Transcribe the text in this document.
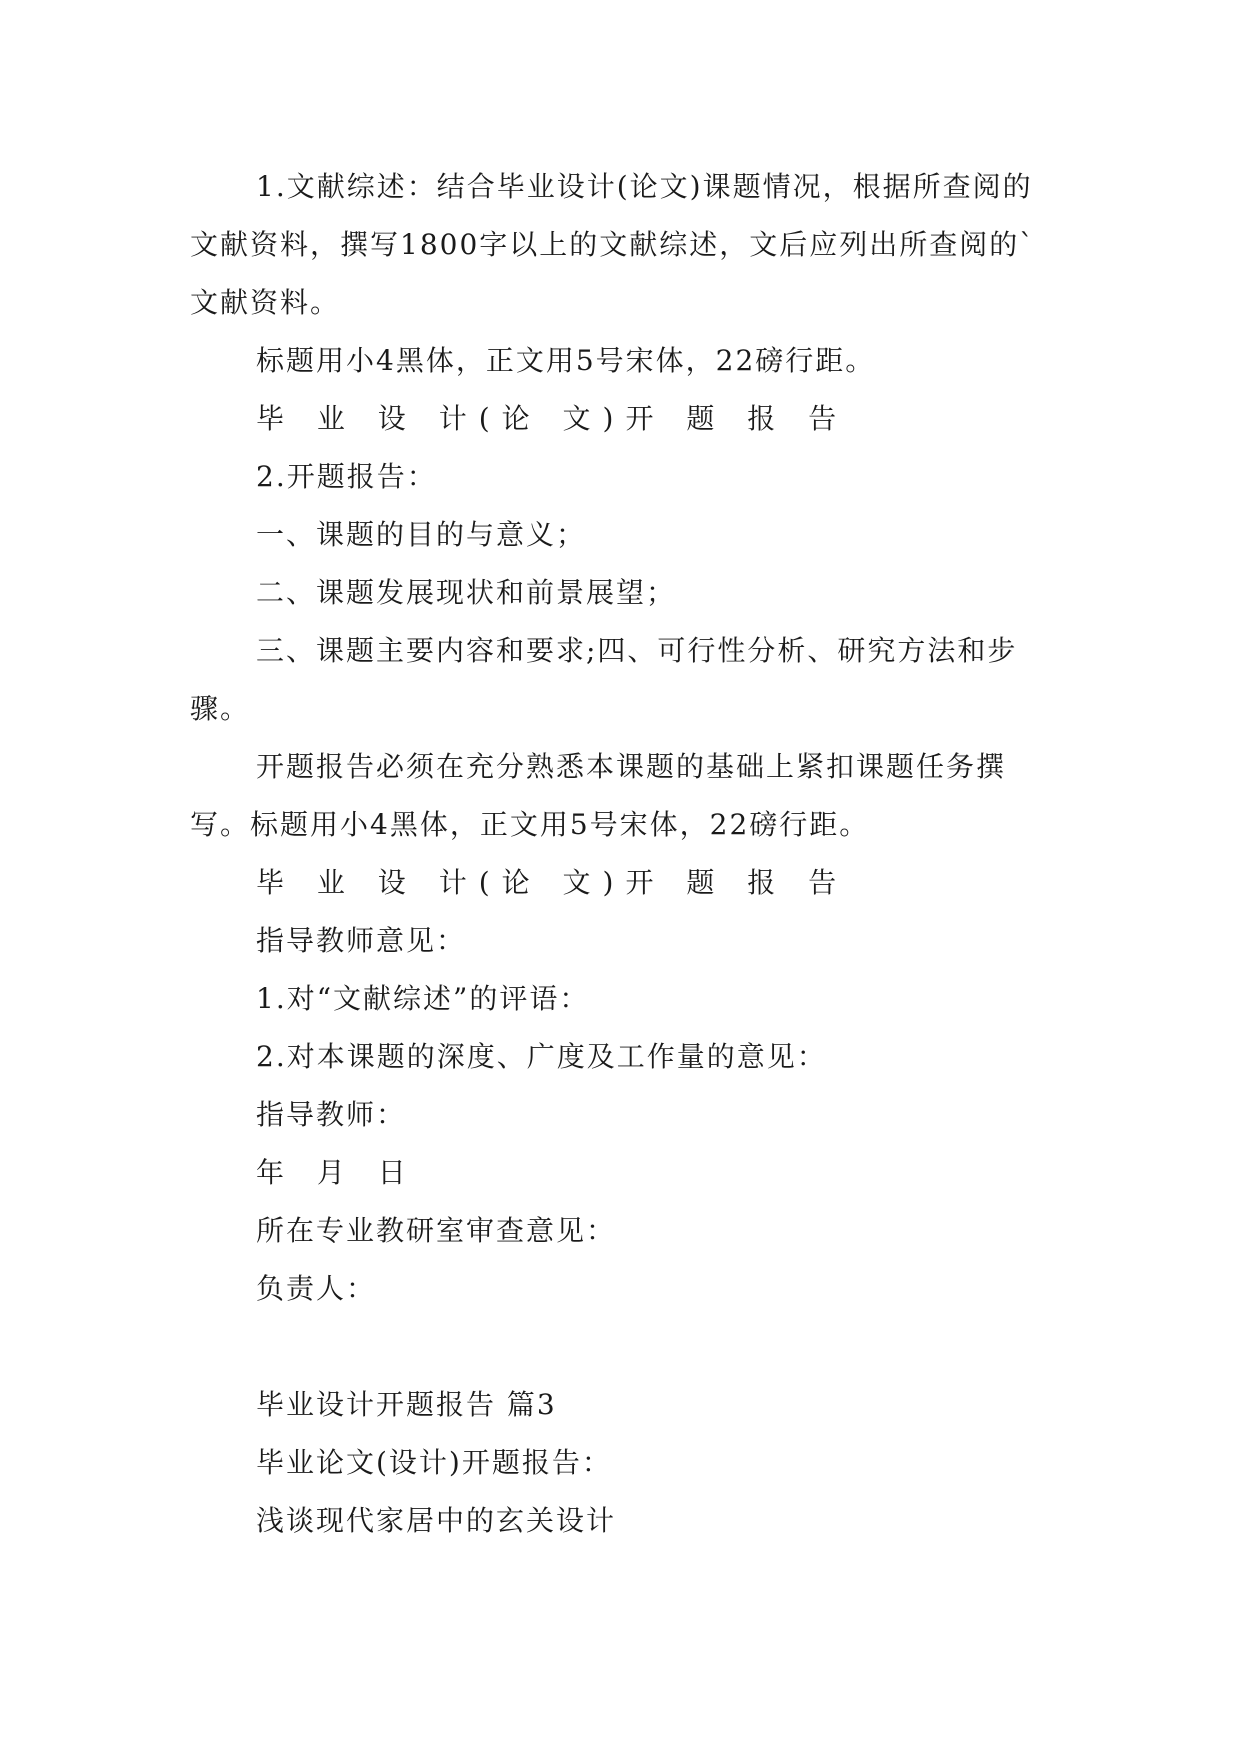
1.文献综述：结合毕业设计(论文)课题情况，根据所查阅的文献资料，撰写1800字以上的文献综述，文后应列出所查阅的`文献资料。

标题用小4黑体，正文用5号宋体，22磅行距。

毕 业 设 计(论 文)开 题 报 告

2.开题报告：

一、课题的目的与意义；

二、课题发展现状和前景展望；

三、课题主要内容和要求;四、可行性分析、研究方法和步骤。

开题报告必须在充分熟悉本课题的基础上紧扣课题任务撰写。标题用小4黑体，正文用5号宋体，22磅行距。

毕 业 设 计(论 文)开 题 报 告

指导教师意见：

1.对“文献综述”的评语：

2.对本课题的深度、广度及工作量的意见：

指导教师：

年 月 日

所在专业教研室审查意见：

负责人：

毕业设计开题报告 篇3

毕业论文(设计)开题报告：

浅谈现代家居中的玄关设计
